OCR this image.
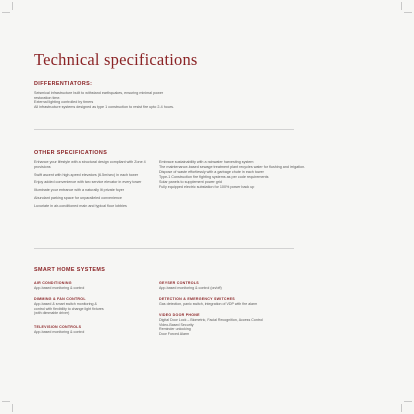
Technical specifications
DIFFERENTIATORS:
Seismical infrastructure built to withstand earthquakes, ensuring minimal power
restoration time.
External lighting controlled by timers
All infrastructure systems designed as type 1 construction to resist fire upto 2-4 hours.
OTHER SPECIFICATIONS
Enhance your lifestyle with a structural design compliant with Zone 4 provisions
Swift ascent with high-speed elevators (6.5m/sec) in each tower
Enjoy added convenience with two service elevator in every tower
Illuminate your entrance with a naturally lit private foyer
Abundant parking space for unparalleled convenience
Luxuriate in air-conditioned main and typical floor lobbies
Embrace sustainability with a rainwater harvesting system
The maintenance-based sewage treatment plant recycles water for flushing and irrigation.
Dispose of waste effortlessly with a garbage chute in each tower
Type-1 Construction fire fighting systems as per code requirements
Solar panels to supplement power grid
Fully equipped electric substation for 100% power back up
SMART HOME SYSTEMS
AIR CONDITIONING
App-based monitoring & control
DIMMING & FAN CONTROL
App-based & smart switch monitoring &
control with flexibility to change light fixtures
(with dimmable driver)
TELEVISION CONTROLS
App-based monitoring & control
GEYSER CONTROLS
App-based monitoring & control (on/off)
DETECTION & EMERGENCY SWITCHES
Gas detection, panic switch, integration of VDP with fire alarm
VIDEO DOOR PHONE
Digital Door Lock – Biometric, Facial Recognition, Access Control
Video-Based Security
Reminder unlocking
Door Forced Alarm
